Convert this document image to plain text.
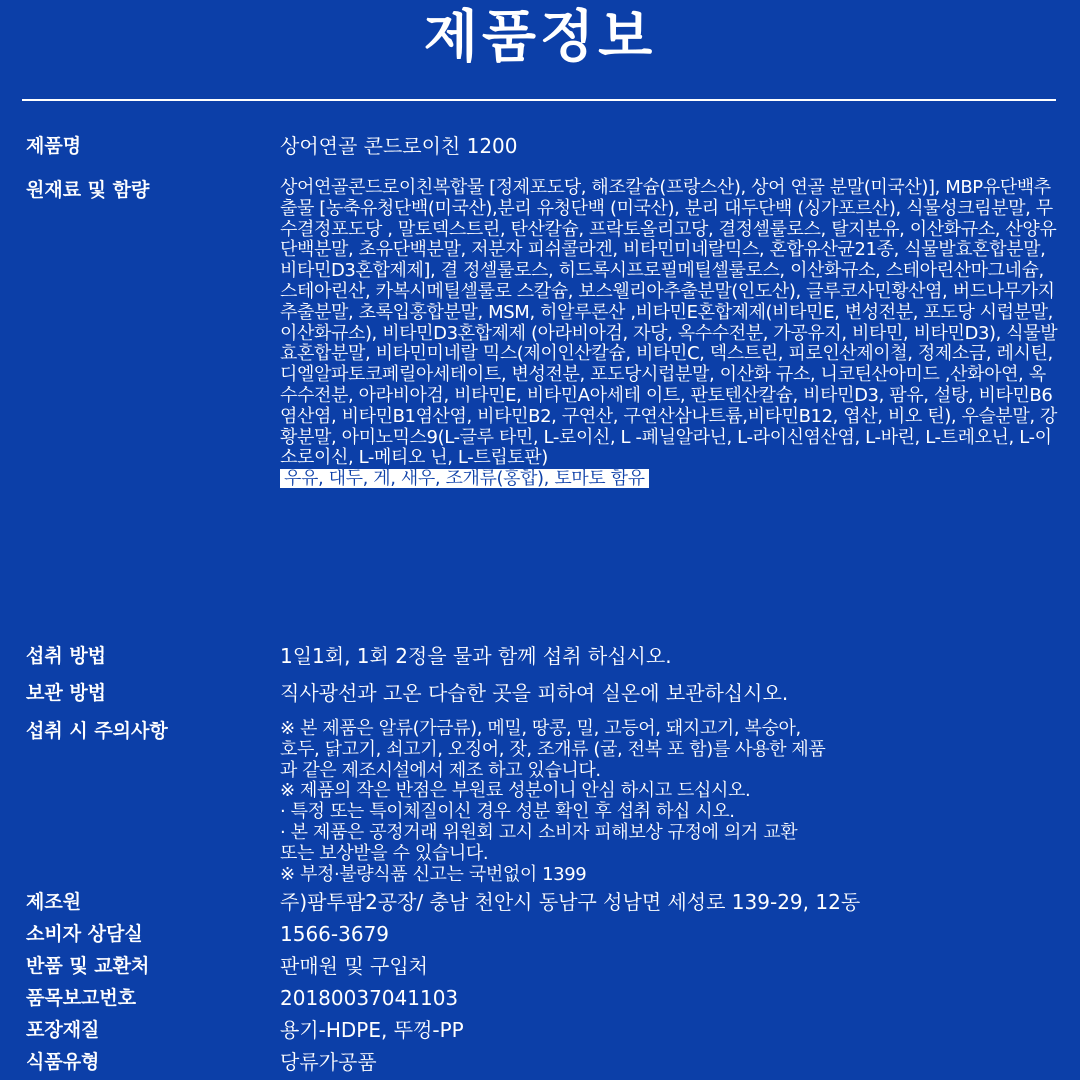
제품정보
제품명	상어연골 콘드로이친 1200
원재료 및 함량	상어연골콘드로이친복합물 [정제포도당, 해조칼슘(프랑스산), 상어 연골 분말(미국산)], MBP유단백추출물 [농축유청단백(미국산),분리 유청단백 (미국산), 분리 대두단백 (싱가포르산), 식물성크림분말, 무수결정포도당 , 말토덱스트린, 탄산칼슘, 프락토올리고당, 결정셀룰로스, 탈지분유, 이산화규소, 산양유단백분말, 초유단백분말, 저분자 피쉬콜라겐, 비타민미네랄믹스, 혼합유산균21종, 식물발효혼합분말, 비타민D3혼합제제], 결 정셀룰로스, 히드록시프로필메틸셀룰로스, 이산화규소, 스테아린산마그네슘, 스테아린산, 카복시메틸셀룰로 스칼슘, 보스웰리아추출분말(인도산), 글루코사민황산염, 버드나무가지 추출분말, 초록입홍합분말, MSM, 히알루론산 ,비타민E혼합제제(비타민E, 변성전분, 포도당 시럽분말, 이산화규소), 비타민D3혼합제제 (아라비아검, 자당, 옥수수전분, 가공유지, 비타민, 비타민D3), 식물발효혼합분말, 비타민미네랄 믹스(제이인산칼슘, 비타민C, 덱스트린, 피로인산제이철, 정제소금, 레시틴, 디엘알파토코페릴아세테이트, 변성전분, 포도당시럽분말, 이산화 규소, 니코틴산아미드 ,산화아연, 옥수수전분, 아라비아검, 비타민E, 비타민A아세테 이트, 판토텐산칼슘, 비타민D3, 팜유, 설탕, 비타민B6염산염, 비타민B1염산염, 비타민B2, 구연산, 구연산삼나트륨,비타민B12, 엽산, 비오 틴), 우슬분말, 강황분말, 아미노믹스9(L-글루 타민, L-로이신, L -페닐알라닌, L-라이신염산염, L-바린, L-트레오닌, L-이소로이신, L-메티오 닌, L-트립토판)
우유, 대두, 게, 새우, 조개류(홍합), 토마토 함유
섭취 방법	1일1회, 1회 2정을 물과 함께 섭취 하십시오.
보관 방법	직사광선과 고온 다습한 곳을 피하여 실온에 보관하십시오.
섭취 시 주의사항	※ 본 제품은 알류(가금류), 메밀, 땅콩, 밀, 고등어, 돼지고기, 복숭아,
호두, 닭고기, 쇠고기, 오징어, 잣, 조개류 (굴, 전복 포 함)를 사용한 제품
과 같은 제조시설에서 제조 하고 있습니다.
※ 제품의 작은 반점은 부원료 성분이니 안심 하시고 드십시오.
· 특정 또는 특이체질이신 경우 성분 확인 후 섭취 하십 시오.
· 본 제품은 공정거래 위원회 고시 소비자 피해보상 규정에 의거 교환
또는 보상받을 수 있습니다.
※ 부정·불량식품 신고는 국번없이 1399
제조원	주)팜투팜2공장/ 충남 천안시 동남구 성남면 세성로 139-29, 12동
소비자 상담실	1566-3679
반품 및 교환처	판매원 및 구입처
품목보고번호	20180037041103
포장재질	용기-HDPE, 뚜껑-PP
식품유형	당류가공품
